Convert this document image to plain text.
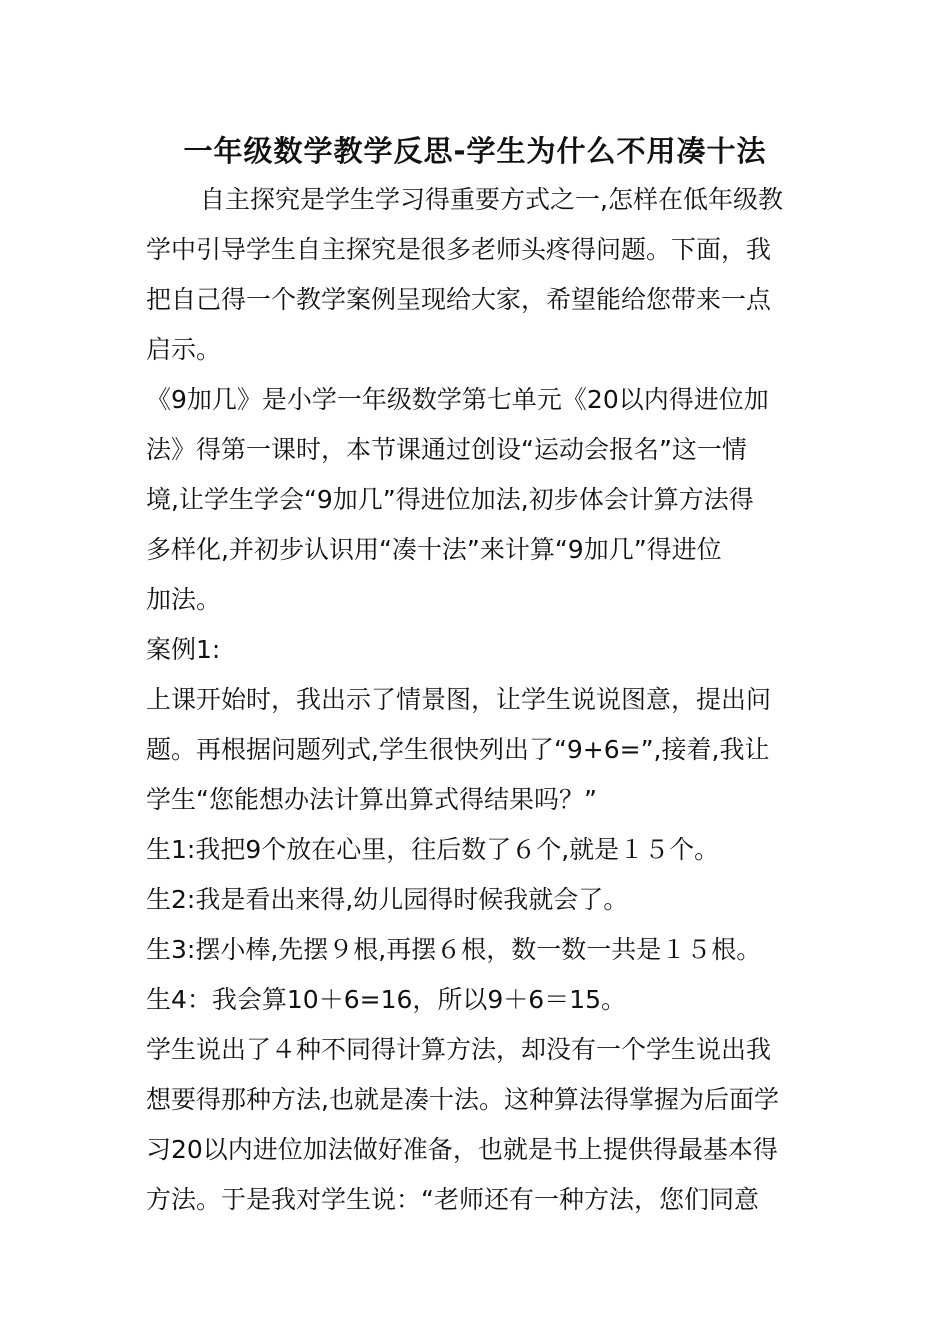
一年级数学教学反思-学生为什么不用凑十法
自主探究是学生学习得重要方式之一,怎样在低年级教
学中引导学生自主探究是很多老师头疼得问题。下面，我
把自己得一个教学案例呈现给大家，希望能给您带来一点
启示。
《9加几》是小学一年级数学第七单元《20以内得进位加
法》得第一课时，本节课通过创设“运动会报名”这一情
境,让学生学会“9加几”得进位加法,初步体会计算方法得
多样化,并初步认识用“凑十法”来计算“9加几”得进位
加法。
案例1:
上课开始时，我出示了情景图，让学生说说图意，提出问
题。再根据问题列式,学生很快列出了“9+6=”,接着,我让
学生“您能想办法计算出算式得结果吗？”
生1:我把9个放在心里，往后数了６个,就是１５个。
生2:我是看出来得,幼儿园得时候我就会了。
生3:摆小棒,先摆９根,再摆６根，数一数一共是１５根。
生4：我会算10＋6=16，所以9＋6＝15。
学生说出了４种不同得计算方法，却没有一个学生说出我
想要得那种方法,也就是凑十法。这种算法得掌握为后面学
习20以内进位加法做好准备，也就是书上提供得最基本得
方法。于是我对学生说：“老师还有一种方法，您们同意
